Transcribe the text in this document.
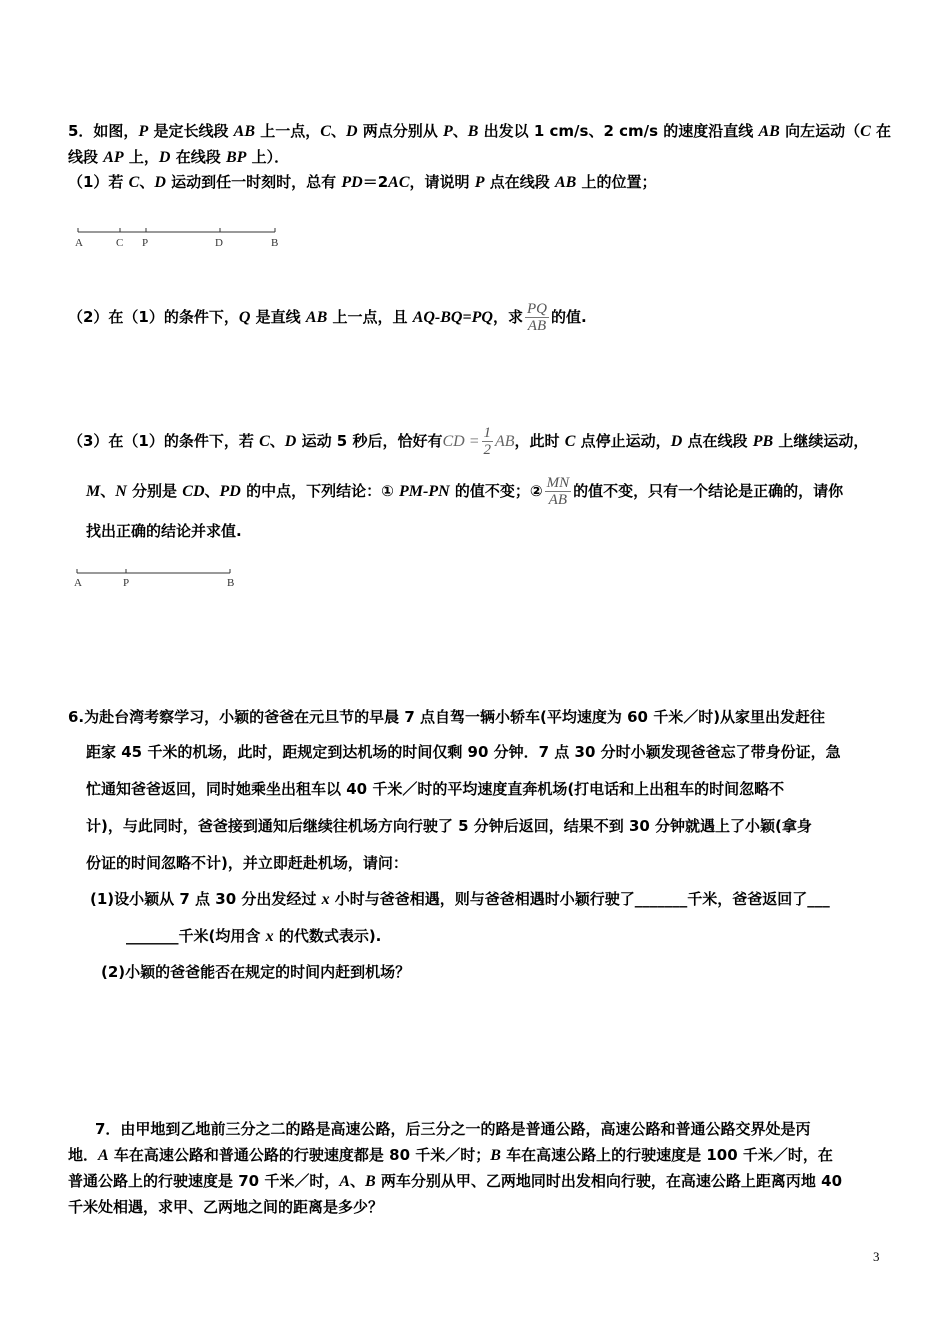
5．如图，P 是定长线段 AB 上一点，C、D 两点分别从 P、B 出发以 1 cm/s、2 cm/s 的速度沿直线 AB 向左运动（C 在
线段 AP 上，D 在线段 BP 上）．
（1）若 C、D 运动到任一时刻时，总有 PD＝2AC，请说明 P 点在线段 AB 上的位置；
A	C P	D	B
（2）在（1）的条件下，Q 是直线 AB 上一点，且 AQ-BQ=PQ，求 $\frac{PQ}{AB}$ 的值.
（3）在（1）的条件下，若 C、D 运动 5 秒后，恰好有CD = $\frac{1}{2}$ AB，此时 C 点停止运动，D 点在线段 PB 上继续运动，
M、N 分别是 CD、PD 的中点，下列结论：① PM-PN 的值不变；② $\frac{MN}{AB}$ 的值不变，只有一个结论是正确的，请你
找出正确的结论并求值.
A	P	B
6.为赴台湾考察学习，小颖的爸爸在元旦节的早晨 7 点自驾一辆小轿车(平均速度为 60 千米／时)从家里出发赶往
距家 45 千米的机场，此时，距规定到达机场的时间仅剩 90 分钟．7 点 30 分时小颖发现爸爸忘了带身份证，急
忙通知爸爸返回，同时她乘坐出租车以 40 千米／时的平均速度直奔机场(打电话和上出租车的时间忽略不
计)，与此同时，爸爸接到通知后继续往机场方向行驶了 5 分钟后返回，结果不到 30 分钟就遇上了小颖(拿身
份证的时间忽略不计)，并立即赶赴机场，请问：
(1)设小颖从 7 点 30 分出发经过 x 小时与爸爸相遇，则与爸爸相遇时小颖行驶了_______千米，爸爸返回了___
_______千米(均用含 x 的代数式表示).
(2)小颖的爸爸能否在规定的时间内赶到机场？
7．由甲地到乙地前三分之二的路是高速公路，后三分之一的路是普通公路，高速公路和普通公路交界处是丙
地．A 车在高速公路和普通公路的行驶速度都是 80 千米／时；B 车在高速公路上的行驶速度是 100 千米／时，在
普通公路上的行驶速度是 70 千米／时，A、B 两车分别从甲、乙两地同时出发相向行驶，在高速公路上距离丙地 40
千米处相遇，求甲、乙两地之间的距离是多少？
3
